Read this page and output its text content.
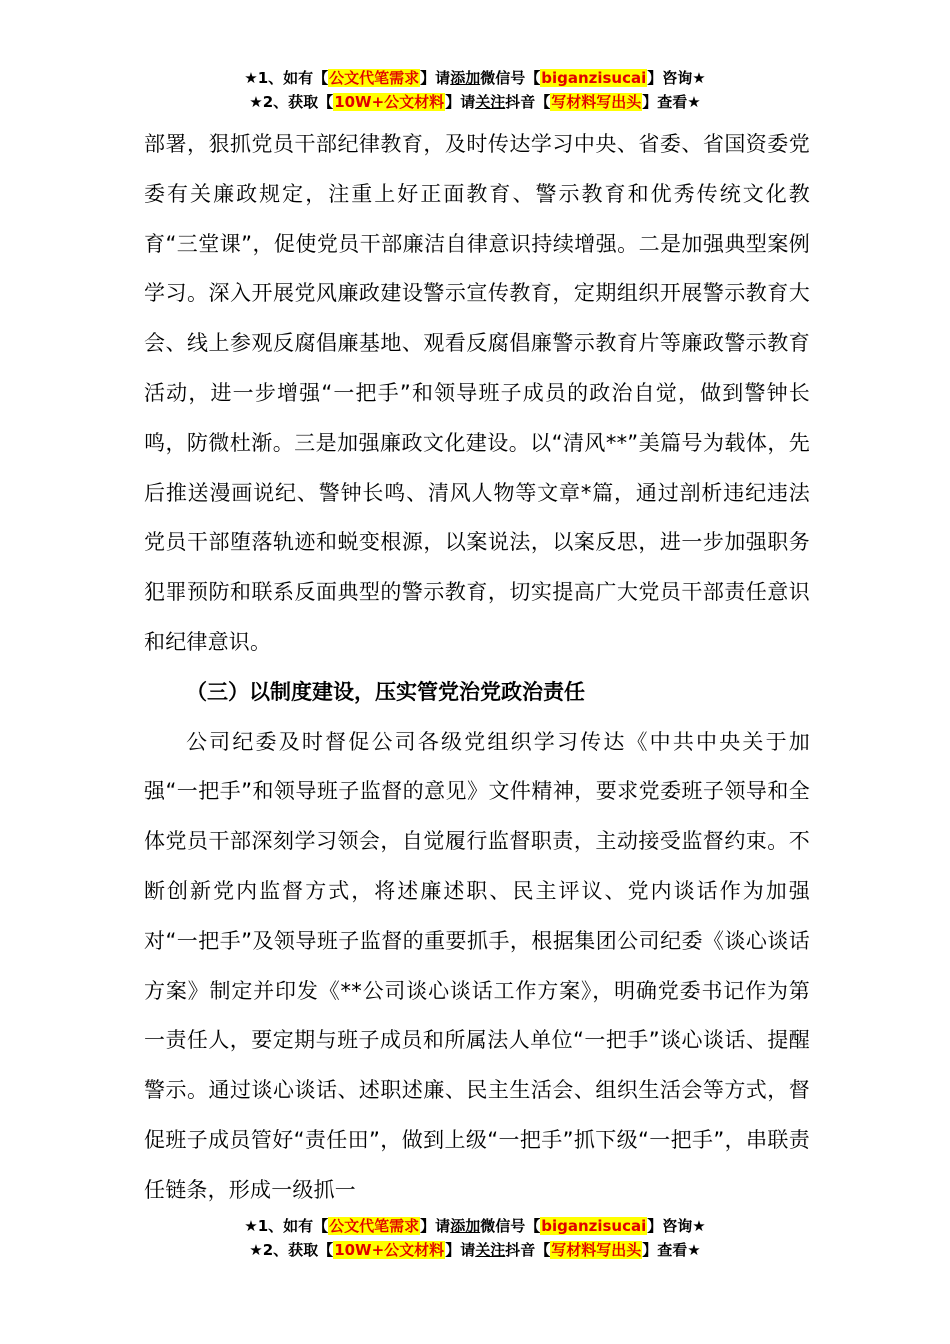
★1、如有【公文代笔需求】请添加微信号【biganzisucai】咨询★
★2、获取【10W+公文材料】请关注抖音【写材料写出头】查看★

部署，狠抓党员干部纪律教育，及时传达学习中央、省委、省国资委党委有关廉政规定，注重上好正面教育、警示教育和优秀传统文化教育“三堂课”，促使党员干部廉洁自律意识持续增强。二是加强典型案例学习。深入开展党风廉政建设警示宣传教育，定期组织开展警示教育大会、线上参观反腐倡廉基地、观看反腐倡廉警示教育片等廉政警示教育活动，进一步增强“一把手”和领导班子成员的政治自觉，做到警钟长鸣，防微杜渐。三是加强廉政文化建设。以“清风**”美篇号为载体，先后推送漫画说纪、警钟长鸣、清风人物等文章*篇，通过剖析违纪违法党员干部堕落轨迹和蜕变根源，以案说法，以案反思，进一步加强职务犯罪预防和联系反面典型的警示教育，切实提高广大党员干部责任意识和纪律意识。

（三）以制度建设，压实管党治党政治责任

公司纪委及时督促公司各级党组织学习传达《中共中央关于加强“一把手”和领导班子监督的意见》文件精神，要求党委班子领导和全体党员干部深刻学习领会，自觉履行监督职责，主动接受监督约束。不断创新党内监督方式，将述廉述职、民主评议、党内谈话作为加强对“一把手”及领导班子监督的重要抓手，根据集团公司纪委《谈心谈话方案》制定并印发《**公司谈心谈话工作方案》，明确党委书记作为第一责任人，要定期与班子成员和所属法人单位“一把手”谈心谈话、提醒警示。通过谈心谈话、述职述廉、民主生活会、组织生活会等方式，督促班子成员管好“责任田”，做到上级“一把手”抓下级“一把手”，串联责任链条，形成一级抓一

★1、如有【公文代笔需求】请添加微信号【biganzisucai】咨询★
★2、获取【10W+公文材料】请关注抖音【写材料写出头】查看★
